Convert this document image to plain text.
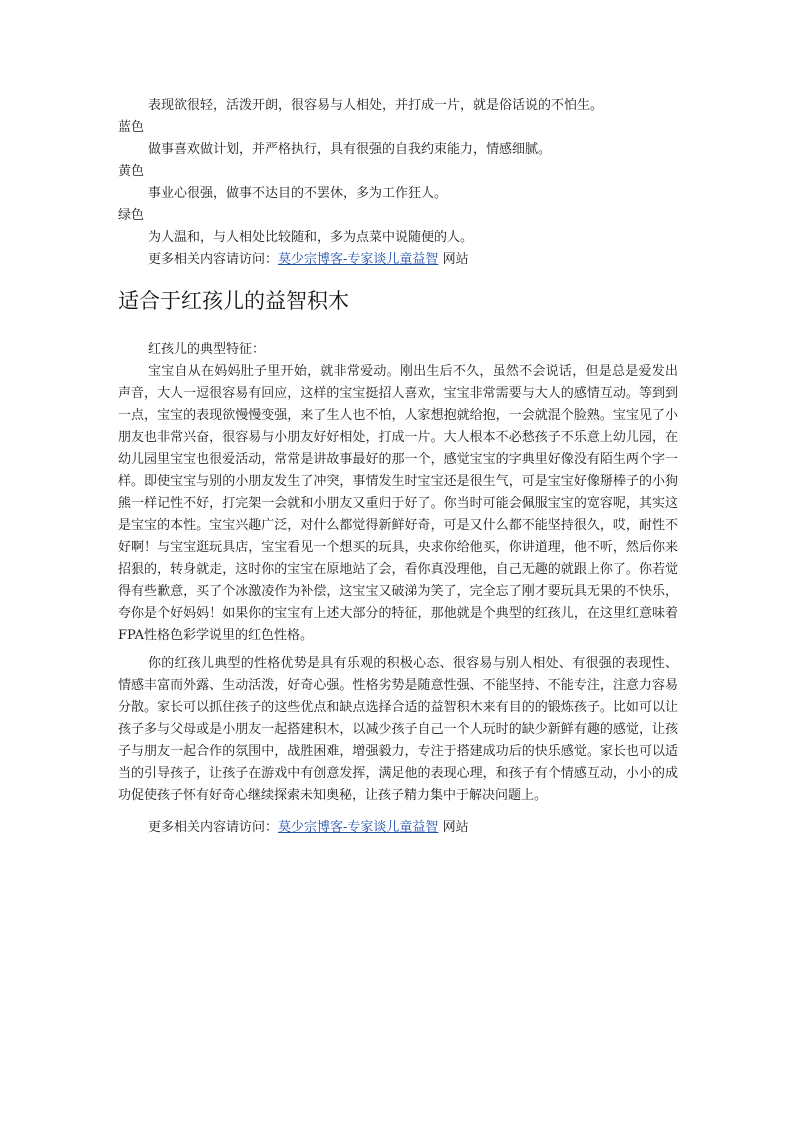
表现欲很轻，活泼开朗，很容易与人相处，并打成一片，就是俗话说的不怕生。

蓝色

做事喜欢做计划，并严格执行，具有很强的自我约束能力，情感细腻。

黄色

事业心很强，做事不达目的不罢休，多为工作狂人。

绿色

为人温和，与人相处比较随和，多为点菜中说随便的人。

更多相关内容请访问：莫少宗博客-专家谈儿童益智 网站

适合于红孩儿的益智积木

红孩儿的典型特征：

宝宝自从在妈妈肚子里开始，就非常爱动。刚出生后不久，虽然不会说话，但是总是爱发出声音，大人一逗很容易有回应，这样的宝宝挺招人喜欢，宝宝非常需要与大人的感情互动。等到到一点，宝宝的表现欲慢慢变强，来了生人也不怕，人家想抱就给抱，一会就混个脸熟。宝宝见了小朋友也非常兴奋，很容易与小朋友好好相处，打成一片。大人根本不必愁孩子不乐意上幼儿园，在幼儿园里宝宝也很爱活动，常常是讲故事最好的那一个，感觉宝宝的字典里好像没有陌生两个字一样。即使宝宝与别的小朋友发生了冲突，事情发生时宝宝还是很生气，可是宝宝好像掰棒子的小狗熊一样记性不好，打完架一会就和小朋友又重归于好了。你当时可能会佩服宝宝的宽容呢，其实这是宝宝的本性。宝宝兴趣广泛，对什么都觉得新鲜好奇，可是又什么都不能坚持很久，哎，耐性不好啊！与宝宝逛玩具店，宝宝看见一个想买的玩具，央求你给他买，你讲道理，他不听，然后你来招狠的，转身就走，这时你的宝宝在原地站了会，看你真没理他，自己无趣的就跟上你了。你若觉得有些歉意，买了个冰激凌作为补偿，这宝宝又破涕为笑了，完全忘了刚才要玩具无果的不快乐，夸你是个好妈妈！如果你的宝宝有上述大部分的特征，那他就是个典型的红孩儿，在这里红意味着FPA性格色彩学说里的红色性格。

你的红孩儿典型的性格优势是具有乐观的积极心态、很容易与别人相处、有很强的表现性、情感丰富而外露、生动活泼，好奇心强。性格劣势是随意性强、不能坚持、不能专注，注意力容易分散。家长可以抓住孩子的这些优点和缺点选择合适的益智积木来有目的的锻炼孩子。比如可以让孩子多与父母或是小朋友一起搭建积木，以减少孩子自己一个人玩时的缺少新鲜有趣的感觉，让孩子与朋友一起合作的氛围中，战胜困难，增强毅力，专注于搭建成功后的快乐感觉。家长也可以适当的引导孩子，让孩子在游戏中有创意发挥，满足他的表现心理，和孩子有个情感互动，小小的成功促使孩子怀有好奇心继续探索未知奥秘，让孩子精力集中于解决问题上。

更多相关内容请访问：莫少宗博客-专家谈儿童益智 网站
